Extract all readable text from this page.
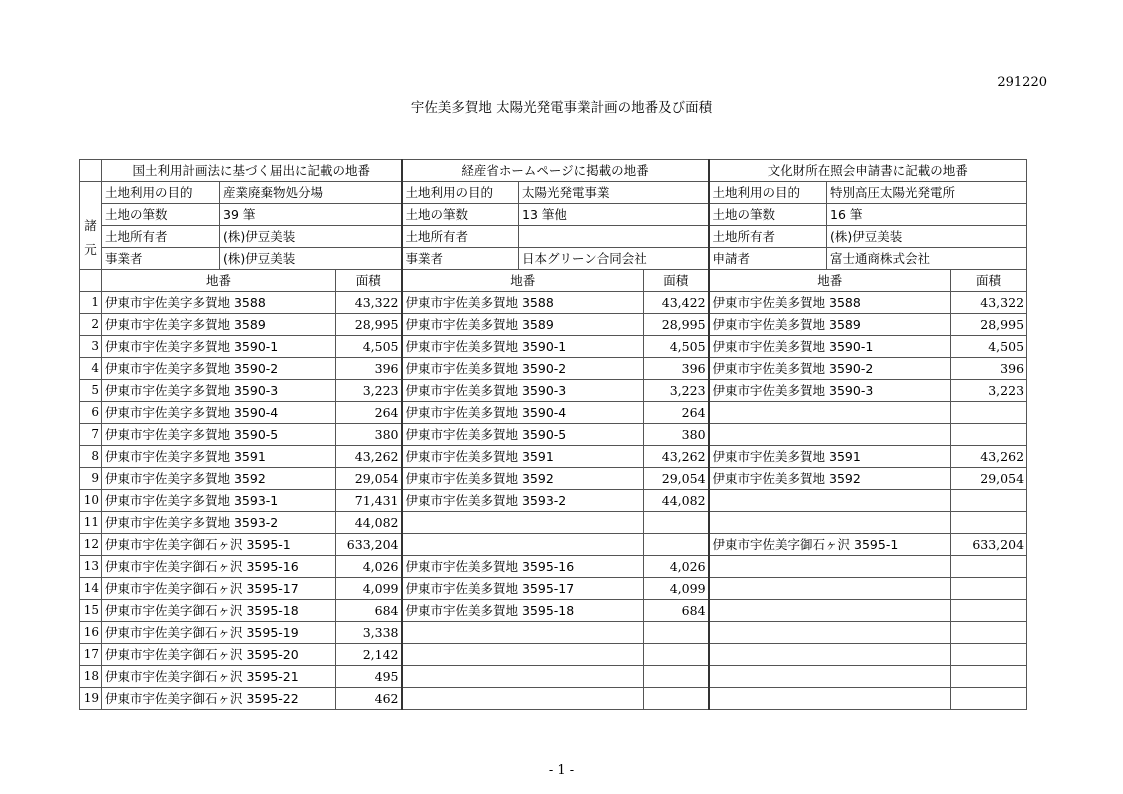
291220
宇佐美多賀地 太陽光発電事業計画の地番及び面積
	国土利用計画法に基づく届出に記載の地番			経産省ホームページに掲載の地番			文化財所在照会申請書に記載の地番		

諸
元	土地利用の目的	産業廃棄物処分場		土地利用の目的	太陽光発電事業		土地利用の目的	特別高圧太陽光発電所	
	土地の筆数	39 筆		土地の筆数	13 筆他		土地の筆数	16 筆	
	土地所有者	(株)伊豆美装		土地所有者			土地所有者	(株)伊豆美装	
	事業者	(株)伊豆美装		事業者	日本グリーン合同会社		申請者	富士通商株式会社	
	地番		面積	地番		面積	地番		面積
1	伊東市宇佐美字多賀地 3588		43,322	伊東市宇佐美多賀地 3588		43,422	伊東市宇佐美多賀地 3588		43,322
2	伊東市宇佐美字多賀地 3589		28,995	伊東市宇佐美多賀地 3589		28,995	伊東市宇佐美多賀地 3589		28,995
3	伊東市宇佐美字多賀地 3590-1		4,505	伊東市宇佐美多賀地 3590-1		4,505	伊東市宇佐美多賀地 3590-1		4,505
4	伊東市宇佐美字多賀地 3590-2		396	伊東市宇佐美多賀地 3590-2		396	伊東市宇佐美多賀地 3590-2		396
5	伊東市宇佐美字多賀地 3590-3		3,223	伊東市宇佐美多賀地 3590-3		3,223	伊東市宇佐美多賀地 3590-3		3,223
6	伊東市宇佐美字多賀地 3590-4		264	伊東市宇佐美多賀地 3590-4		264			
7	伊東市宇佐美字多賀地 3590-5		380	伊東市宇佐美多賀地 3590-5		380			
8	伊東市宇佐美字多賀地 3591		43,262	伊東市宇佐美多賀地 3591		43,262	伊東市宇佐美多賀地 3591		43,262
9	伊東市宇佐美字多賀地 3592		29,054	伊東市宇佐美多賀地 3592		29,054	伊東市宇佐美多賀地 3592		29,054
10	伊東市宇佐美字多賀地 3593-1		71,431	伊東市宇佐美多賀地 3593-2		44,082			
11	伊東市宇佐美字多賀地 3593-2		44,082						
12	伊東市宇佐美字御石ヶ沢 3595-1		633,204				伊東市宇佐美字御石ヶ沢 3595-1		633,204
13	伊東市宇佐美字御石ヶ沢 3595-16		4,026	伊東市宇佐美多賀地 3595-16		4,026			
14	伊東市宇佐美字御石ヶ沢 3595-17		4,099	伊東市宇佐美多賀地 3595-17		4,099			
15	伊東市宇佐美字御石ヶ沢 3595-18		684	伊東市宇佐美多賀地 3595-18		684			
16	伊東市宇佐美字御石ヶ沢 3595-19		3,338						
17	伊東市宇佐美字御石ヶ沢 3595-20		2,142						
18	伊東市宇佐美字御石ヶ沢 3595-21		495						
19	伊東市宇佐美字御石ヶ沢 3595-22		462						
- 1 -
